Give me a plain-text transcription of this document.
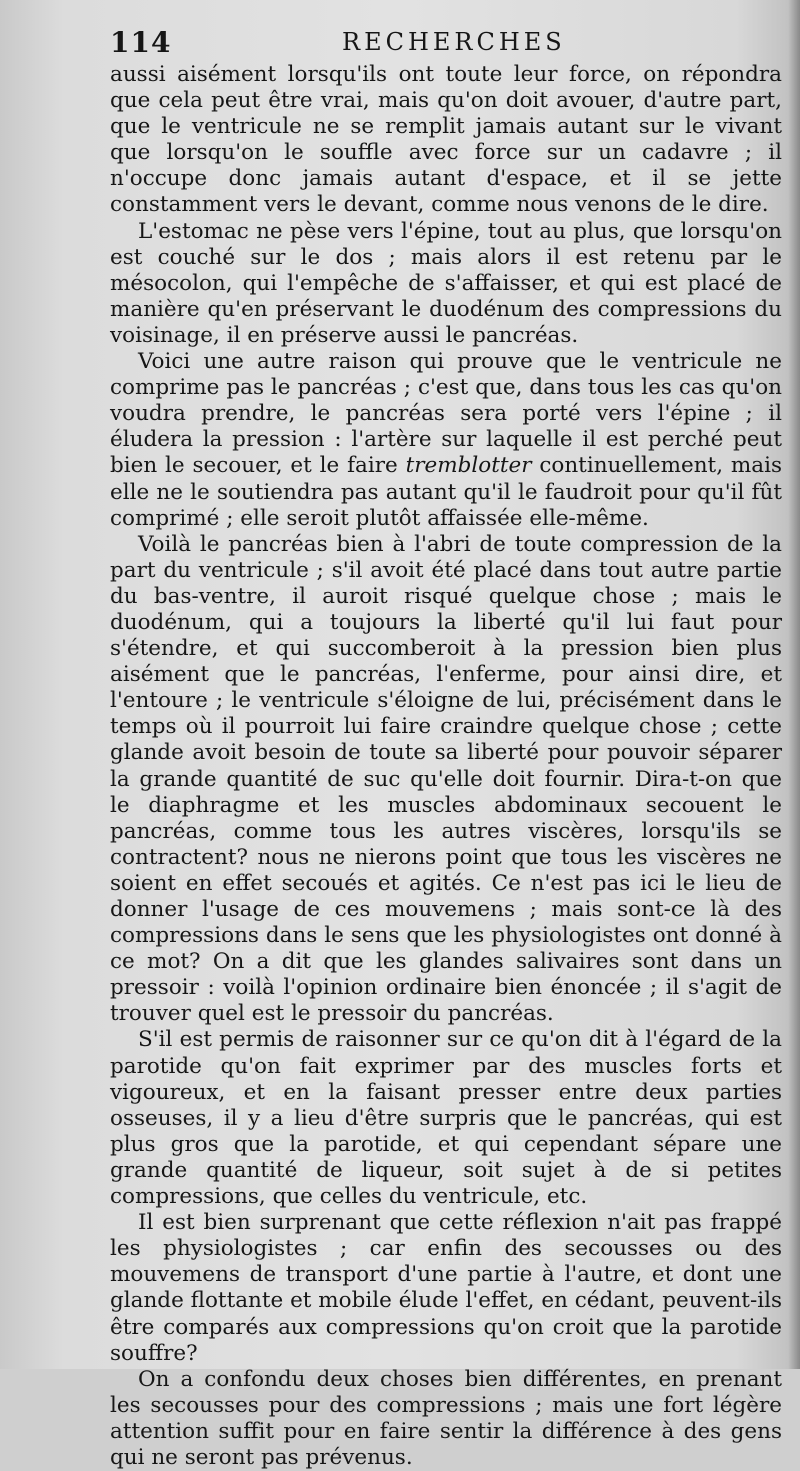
114	RECHERCHES

aussi aisément lorsqu'ils ont toute leur force, on répondra que cela peut être vrai, mais qu'on doit avouer, d'autre part, que le ventricule ne se remplit jamais autant sur le vivant que lorsqu'on le souffle avec force sur un cadavre ; il n'occupe donc jamais autant d'espace, et il se jette constamment vers le devant, comme nous venons de le dire.

L'estomac ne pèse vers l'épine, tout au plus, que lorsqu'on est couché sur le dos ; mais alors il est retenu par le mésocolon, qui l'empêche de s'affaisser, et qui est placé de manière qu'en préservant le duodénum des compressions du voisinage, il en préserve aussi le pancréas.

Voici une autre raison qui prouve que le ventricule ne comprime pas le pancréas ; c'est que, dans tous les cas qu'on voudra prendre, le pancréas sera porté vers l'épine ; il éludera la pression : l'artère sur laquelle il est perché peut bien le secouer, et le faire tremblotter continuellement, mais elle ne le soutiendra pas autant qu'il le faudroit pour qu'il fût comprimé ; elle seroit plutôt affaissée elle-même.

Voilà le pancréas bien à l'abri de toute compression de la part du ventricule ; s'il avoit été placé dans tout autre partie du bas-ventre, il auroit risqué quelque chose ; mais le duodénum, qui a toujours la liberté qu'il lui faut pour s'étendre, et qui succomberoit à la pression bien plus aisément que le pancréas, l'enferme, pour ainsi dire, et l'entoure ; le ventricule s'éloigne de lui, précisément dans le temps où il pourroit lui faire craindre quelque chose ; cette glande avoit besoin de toute sa liberté pour pouvoir séparer la grande quantité de suc qu'elle doit fournir. Dira-t-on que le diaphragme et les muscles abdominaux secouent le pancréas, comme tous les autres viscères, lorsqu'ils se contractent? nous ne nierons point que tous les viscères ne soient en effet secoués et agités. Ce n'est pas ici le lieu de donner l'usage de ces mouvemens ; mais sont-ce là des compressions dans le sens que les physiologistes ont donné à ce mot? On a dit que les glandes salivaires sont dans un pressoir : voilà l'opinion ordinaire bien énoncée ; il s'agit de trouver quel est le pressoir du pancréas.

S'il est permis de raisonner sur ce qu'on dit à l'égard de la parotide qu'on fait exprimer par des muscles forts et vigoureux, et en la faisant presser entre deux parties osseuses, il y a lieu d'être surpris que le pancréas, qui est plus gros que la parotide, et qui cependant sépare une grande quantité de liqueur, soit sujet à de si petites compressions, que celles du ventricule, etc.

Il est bien surprenant que cette réflexion n'ait pas frappé les physiologistes ; car enfin des secousses ou des mouvemens de transport d'une partie à l'autre, et dont une glande flottante et mobile élude l'effet, en cédant, peuvent-ils être comparés aux compressions qu'on croit que la parotide souffre?

On a confondu deux choses bien différentes, en prenant les secousses pour des compressions ; mais une fort légère attention suffit pour en faire sentir la différence à des gens qui ne seront pas prévenus.
